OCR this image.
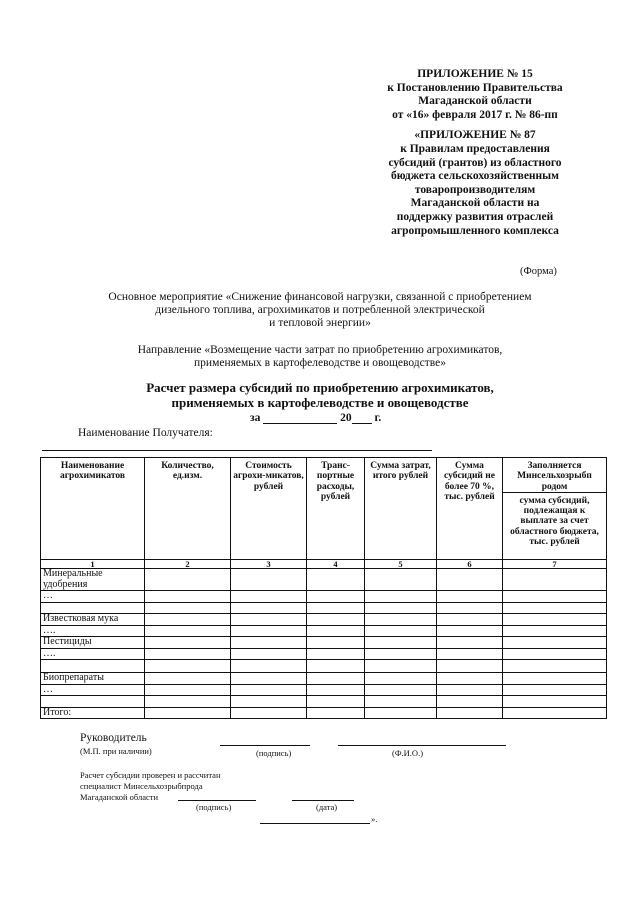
ПРИЛОЖЕНИЕ № 15
к Постановлению Правительства
Магаданской области
от «16» февраля 2017 г. № 86-пп
«ПРИЛОЖЕНИЕ № 87
к Правилам предоставления
субсидий (грантов) из областного
бюджета сельскохозяйственным
товаропроизводителям
Магаданской области на
поддержку развития отраслей
агропромышленного комплекса
(Форма)
Основное мероприятие «Снижение финансовой нагрузки, связанной с приобретением
дизельного топлива, агрохимикатов и потребленной электрической
и тепловой энергии»
Направление «Возмещение части затрат по приобретению агрохимикатов,
применяемых в картофелеводстве и овощеводстве»
Расчет размера субсидий по приобретению агрохимикатов,
применяемых в картофелеводстве и овощеводстве
за	20 г.
Наименование Получателя:
Наименование агрохимикатов	Количество, ед.изм.	Стоимость агрохи-микатов, рублей	Транс-портные расходы, рублей	Сумма затрат, итого рублей	Сумма субсидий не более 70 %, тыс. рублей	Заполняется Минсельхозрыбп родом
						сумма субсидий, подлежащая к выплате за счет областного бюджета, тыс. рублей
1	2	3	4	5	6	7
Минеральные удобрения						
…						

Известковая мука						
….						
Пестициды						
….						

Биопрепараты						
…						

Итого:						
Руководитель
(М.П. при наличии)	(подпись)	(Ф.И.О.)
Расчет субсидии проверен и рассчитан
специалист Минсельхозрыбпрода
Магаданской области
(подпись)	(дата)
».
